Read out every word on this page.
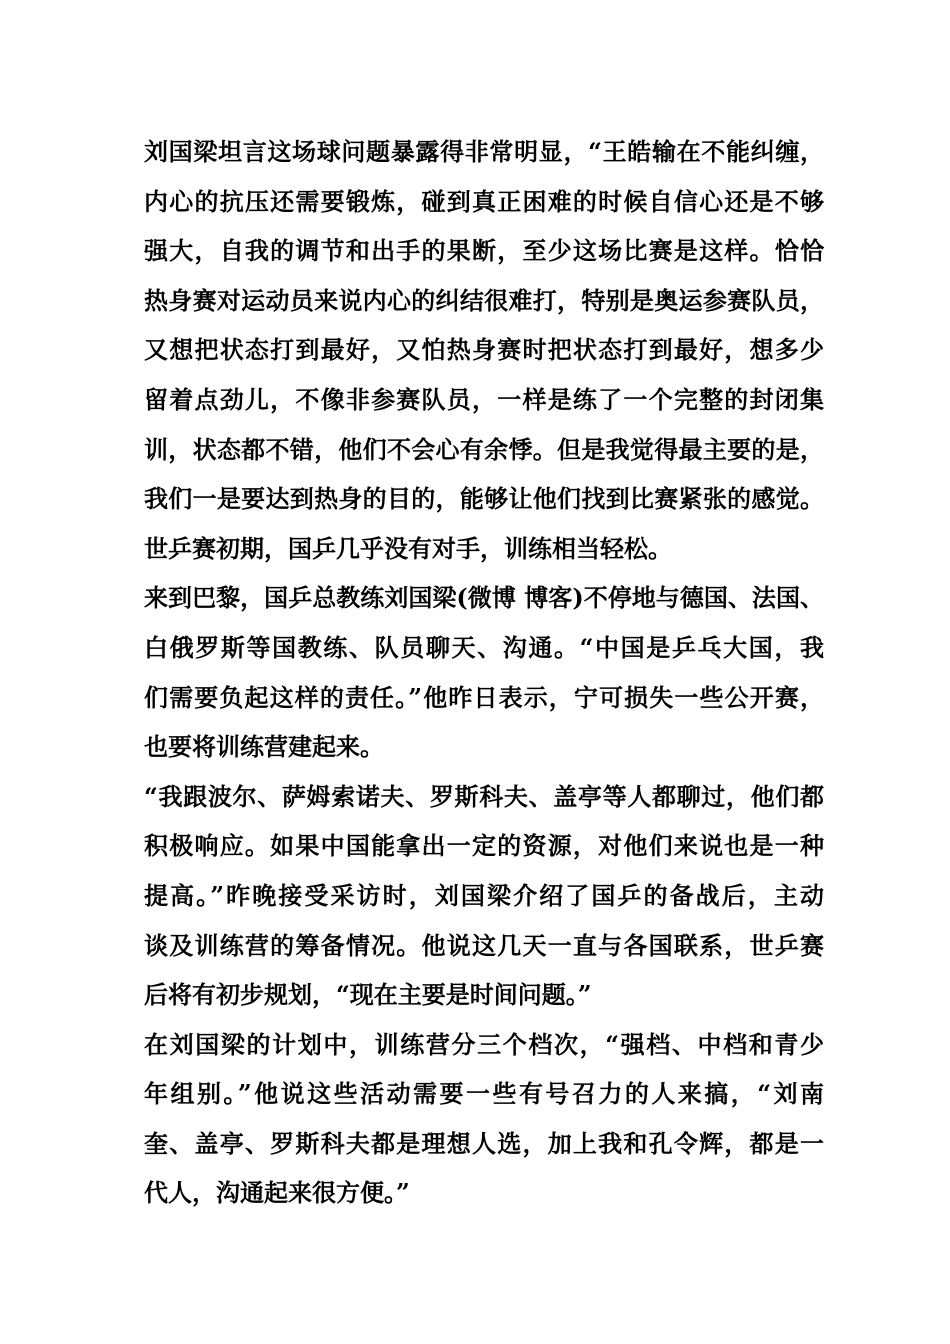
刘国梁坦言这场球问题暴露得非常明显，“王皓输在不能纠缠，
内心的抗压还需要锻炼，碰到真正困难的时候自信心还是不够
强大，自我的调节和出手的果断，至少这场比赛是这样。恰恰
热身赛对运动员来说内心的纠结很难打，特别是奥运参赛队员，
又想把状态打到最好，又怕热身赛时把状态打到最好，想多少
留着点劲儿，不像非参赛队员，一样是练了一个完整的封闭集
训，状态都不错，他们不会心有余悸。但是我觉得最主要的是，
我们一是要达到热身的目的，能够让他们找到比赛紧张的感觉。
世乒赛初期，国乒几乎没有对手，训练相当轻松。
来到巴黎，国乒总教练刘国梁(微博 博客)不停地与德国、法国、
白俄罗斯等国教练、队员聊天、沟通。“中国是乒乓大国，我
们需要负起这样的责任。”他昨日表示，宁可损失一些公开赛，
也要将训练营建起来。
“我跟波尔、萨姆索诺夫、罗斯科夫、盖亭等人都聊过，他们都
积极响应。如果中国能拿出一定的资源，对他们来说也是一种
提高。”昨晚接受采访时，刘国梁介绍了国乒的备战后，主动
谈及训练营的筹备情况。他说这几天一直与各国联系，世乒赛
后将有初步规划，“现在主要是时间问题。”
在刘国梁的计划中，训练营分三个档次，“强档、中档和青少
年组别。”他说这些活动需要一些有号召力的人来搞，“刘南
奎、盖亭、罗斯科夫都是理想人选，加上我和孔令辉，都是一
代人，沟通起来很方便。”
